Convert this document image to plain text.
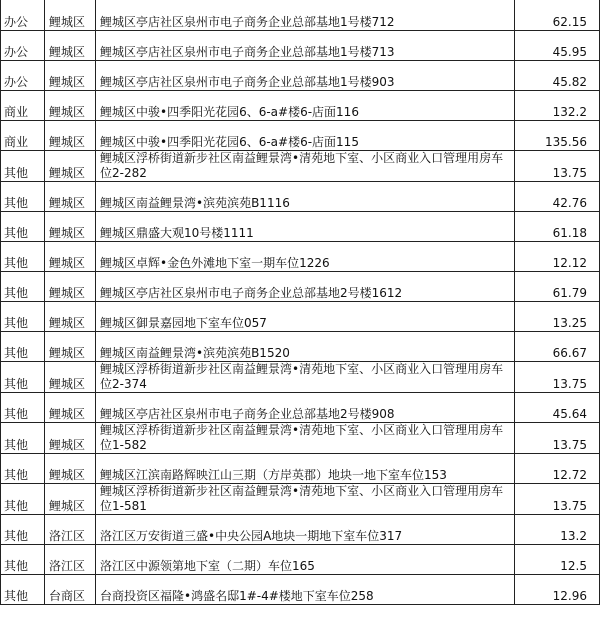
办公	鲤城区	鲤城区亭店社区泉州市电子商务企业总部基地1号楼712	62.15
办公	鲤城区	鲤城区亭店社区泉州市电子商务企业总部基地1号楼713	45.95
办公	鲤城区	鲤城区亭店社区泉州市电子商务企业总部基地1号楼903	45.82
商业	鲤城区	鲤城区中骏•四季阳光花园6、6-a#楼6-店面116	132.2
商业	鲤城区	鲤城区中骏•四季阳光花园6、6-a#楼6-店面115	135.56
其他	鲤城区	鲤城区浮桥街道新步社区南益鲤景湾•清苑地下室、小区商业入口管理用房车位2-282	13.75
其他	鲤城区	鲤城区南益鲤景湾•滨苑滨苑B1116	42.76
其他	鲤城区	鲤城区鼎盛大观10号楼1111	61.18
其他	鲤城区	鲤城区卓辉•金色外滩地下室一期车位1226	12.12
其他	鲤城区	鲤城区亭店社区泉州市电子商务企业总部基地2号楼1612	61.79
其他	鲤城区	鲤城区御景嘉园地下室车位057	13.25
其他	鲤城区	鲤城区南益鲤景湾•滨苑滨苑B1520	66.67
其他	鲤城区	鲤城区浮桥街道新步社区南益鲤景湾•清苑地下室、小区商业入口管理用房车位2-374	13.75
其他	鲤城区	鲤城区亭店社区泉州市电子商务企业总部基地2号楼908	45.64
其他	鲤城区	鲤城区浮桥街道新步社区南益鲤景湾•清苑地下室、小区商业入口管理用房车位1-582	13.75
其他	鲤城区	鲤城区江滨南路辉映江山三期（方岸英郡）地块一地下室车位153	12.72
其他	鲤城区	鲤城区浮桥街道新步社区南益鲤景湾•清苑地下室、小区商业入口管理用房车位1-581	13.75
其他	洛江区	洛江区万安街道三盛•中央公园A地块一期地下室车位317	13.2
其他	洛江区	洛江区中源领第地下室（二期）车位165	12.5
其他	台商区	台商投资区福隆•鸿盛名邸1#-4#楼地下室车位258	12.96
